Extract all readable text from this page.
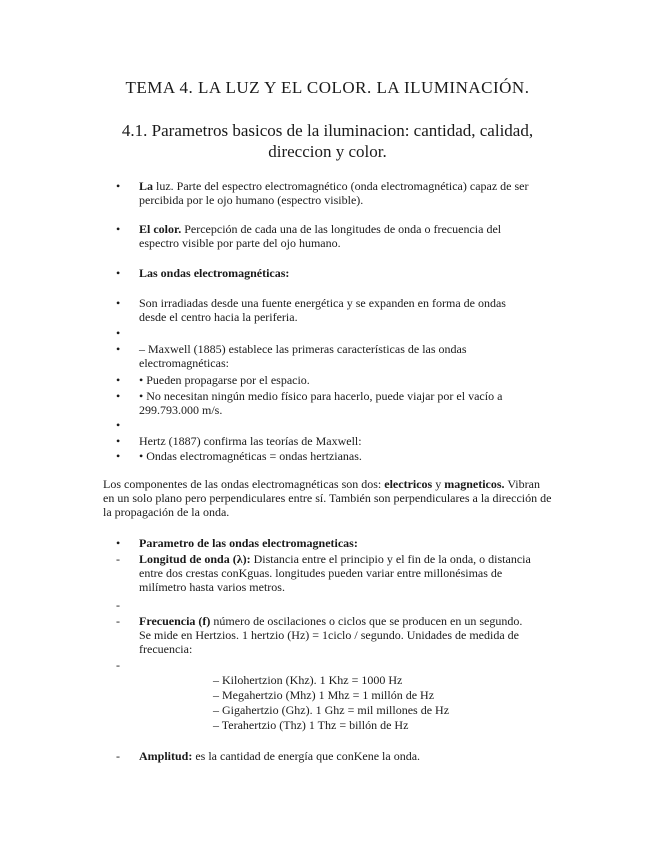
TEMA 4. LA LUZ Y EL COLOR. LA ILUMINACIÓN.
4.1. Parametros basicos de la iluminacion: cantidad, calidad,
direccion y color.
• La luz. Parte del espectro electromagnético (onda electromagnética) capaz de ser percibida por le ojo humano (espectro visible).
• El color. Percepción de cada una de las longitudes de onda o frecuencia del espectro visible por parte del ojo humano.
• Las ondas electromagnéticas:
• Son irradiadas desde una fuente energética y se expanden en forma de ondas desde el centro hacia la periferia.
•
• – Maxwell (1885) establece las primeras características de las ondas electromagnéticas:
• • Pueden propagarse por el espacio.
• • No necesitan ningún medio físico para hacerlo, puede viajar por el vacío a 299.793.000 m/s.
•
• Hertz (1887) confirma las teorías de Maxwell:
• • Ondas electromagnéticas = ondas hertzianas.

Los componentes de las ondas electromagnéticas son dos: electricos y magneticos. Vibran en un solo plano pero perpendiculares entre sí. También son perpendiculares a la dirección de la propagación de la onda.

• Parametro de las ondas electromagneticas:
- Longitud de onda (λ): Distancia entre el principio y el fin de la onda, o distancia entre dos crestas conKguas. longitudes pueden variar entre millonésimas de milímetro hasta varios metros.
-
- Frecuencia (f) número de oscilaciones o ciclos que se producen en un segundo. Se mide en Hertzios. 1 hertzio (Hz) = 1ciclo / segundo. Unidades de medida de frecuencia:
-
– Kilohertzion (Khz). 1 Khz = 1000 Hz
– Megahertzio (Mhz) 1 Mhz = 1 millón de Hz
– Gigahertzio (Ghz). 1 Ghz = mil millones de Hz
– Terahertzio (Thz) 1 Thz = billón de Hz
- Amplitud: es la cantidad de energía que conKene la onda.
